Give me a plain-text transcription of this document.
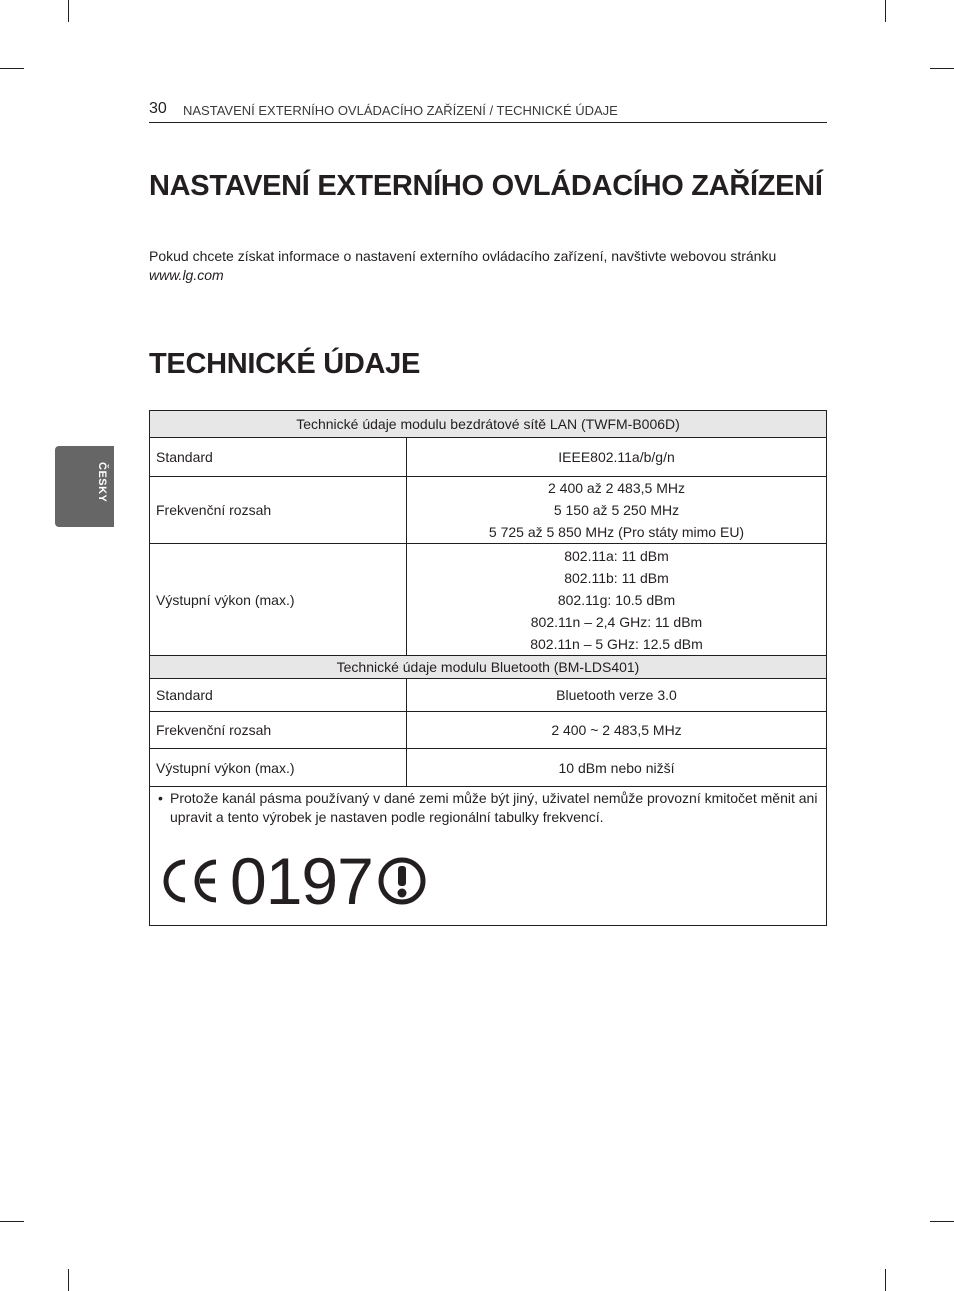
30 NASTAVENÍ EXTERNÍHO OVLÁDACÍHO ZAŘÍZENÍ / TECHNICKÉ ÚDAJE
ČESKY
NASTAVENÍ EXTERNÍHO OVLÁDACÍHO ZAŘÍZENÍ

Pokud chcete získat informace o nastavení externího ovládacího zařízení, navštivte webovou stránku www.lg.com

TECHNICKÉ ÚDAJE
Technické údaje modulu bezdrátové sítě LAN (TWFM-B006D)	
Standard	IEEE802.11a/b/g/n

Frekvenční rozsah	2 400 až 2 483,5 MHz
5 150 až 5 250 MHz
5 725 až 5 850 MHz (Pro státy mimo EU)

Výstupní výkon (max.)	802.11a: 11 dBm
802.11b: 11 dBm
802.11g: 10.5 dBm
802.11n – 2,4 GHz: 11 dBm
802.11n – 5 GHz: 12.5 dBm

Technické údaje modulu Bluetooth (BM-LDS401)	
Standard	Bluetooth verze 3.0
Frekvenční rozsah	2 400 ~ 2 483,5 MHz
Výstupní výkon (max.)	10 dBm nebo nižší

• Protože kanál pásma používaný v dané zemi může být jiný, uživatel nemůže provozní kmitočet měnit ani upravit a tento výrobek je nastaven podle regionální tabulky frekvencí.
0197	
